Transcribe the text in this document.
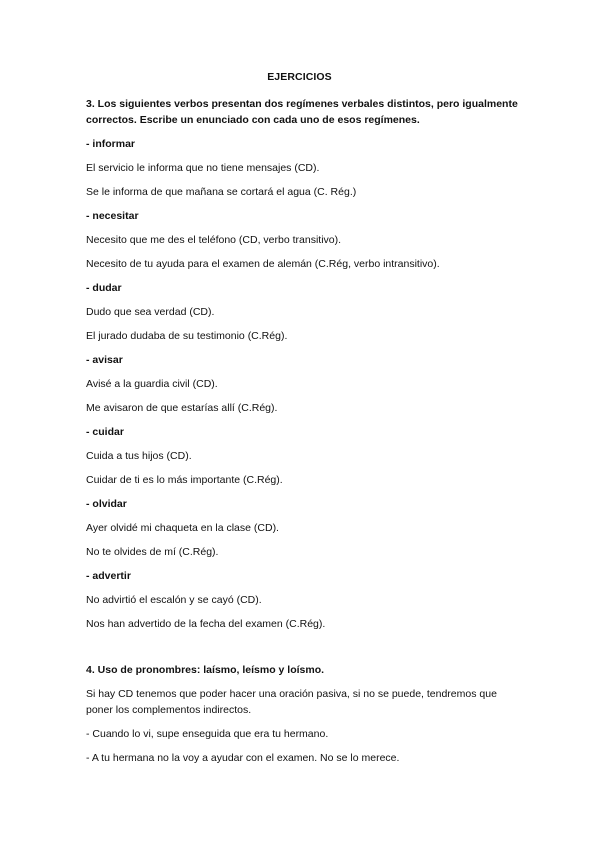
EJERCICIOS
3. Los siguientes verbos presentan dos regímenes verbales distintos, pero igualmente correctos. Escribe un enunciado con cada uno de esos regímenes.
- informar
El servicio le informa que no tiene mensajes (CD).
Se le informa de que mañana se cortará el agua (C. Rég.)
- necesitar
Necesito que me des el teléfono (CD, verbo transitivo).
Necesito de tu ayuda para el examen de alemán (C.Rég, verbo intransitivo).
- dudar
Dudo que sea verdad (CD).
El jurado dudaba de su testimonio (C.Rég).
- avisar
Avisé a la guardia civil (CD).
Me avisaron de que estarías allí (C.Rég).
- cuidar
Cuida a tus hijos (CD).
Cuidar de ti es lo más importante (C.Rég).
- olvidar
Ayer olvidé mi chaqueta en la clase (CD).
No te olvides de mí (C.Rég).
- advertir
No advirtió el escalón y se cayó (CD).
Nos han advertido de la fecha del examen (C.Rég).
4. Uso de pronombres: laísmo, leísmo y loísmo.
Si hay CD tenemos que poder hacer una oración pasiva, si no se puede, tendremos que poner los complementos indirectos.
- Cuando lo vi, supe enseguida que era tu hermano.
- A tu hermana no la voy a ayudar con el examen. No se lo merece.
